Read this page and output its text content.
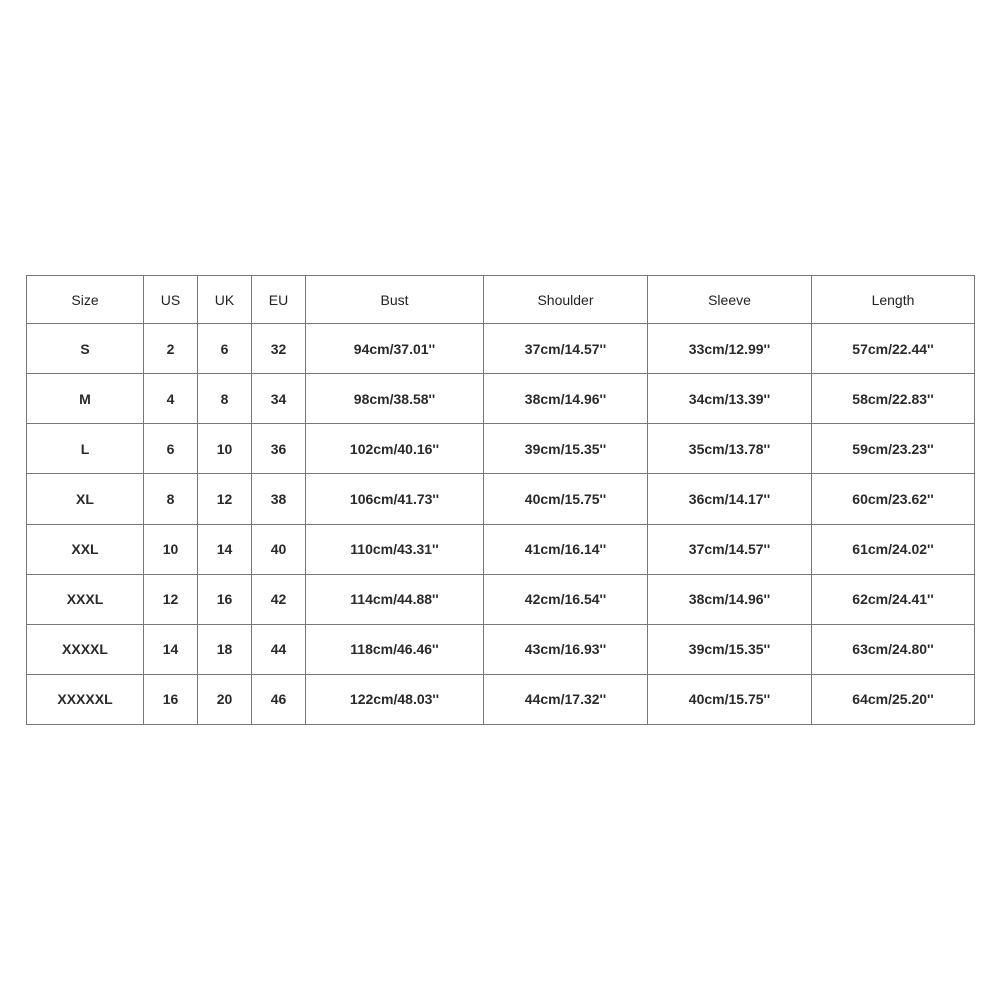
Size	US	UK	EU	Bust	Shoulder	Sleeve	Length
S	2	6	32	94cm/37.01''	37cm/14.57''	33cm/12.99''	57cm/22.44''
M	4	8	34	98cm/38.58''	38cm/14.96''	34cm/13.39''	58cm/22.83''
L	6	10	36	102cm/40.16''	39cm/15.35''	35cm/13.78''	59cm/23.23''
XL	8	12	38	106cm/41.73''	40cm/15.75''	36cm/14.17''	60cm/23.62''
XXL	10	14	40	110cm/43.31''	41cm/16.14''	37cm/14.57''	61cm/24.02''
XXXL	12	16	42	114cm/44.88''	42cm/16.54''	38cm/14.96''	62cm/24.41''
XXXXL	14	18	44	118cm/46.46''	43cm/16.93''	39cm/15.35''	63cm/24.80''
XXXXXL	16	20	46	122cm/48.03''	44cm/17.32''	40cm/15.75''	64cm/25.20''
